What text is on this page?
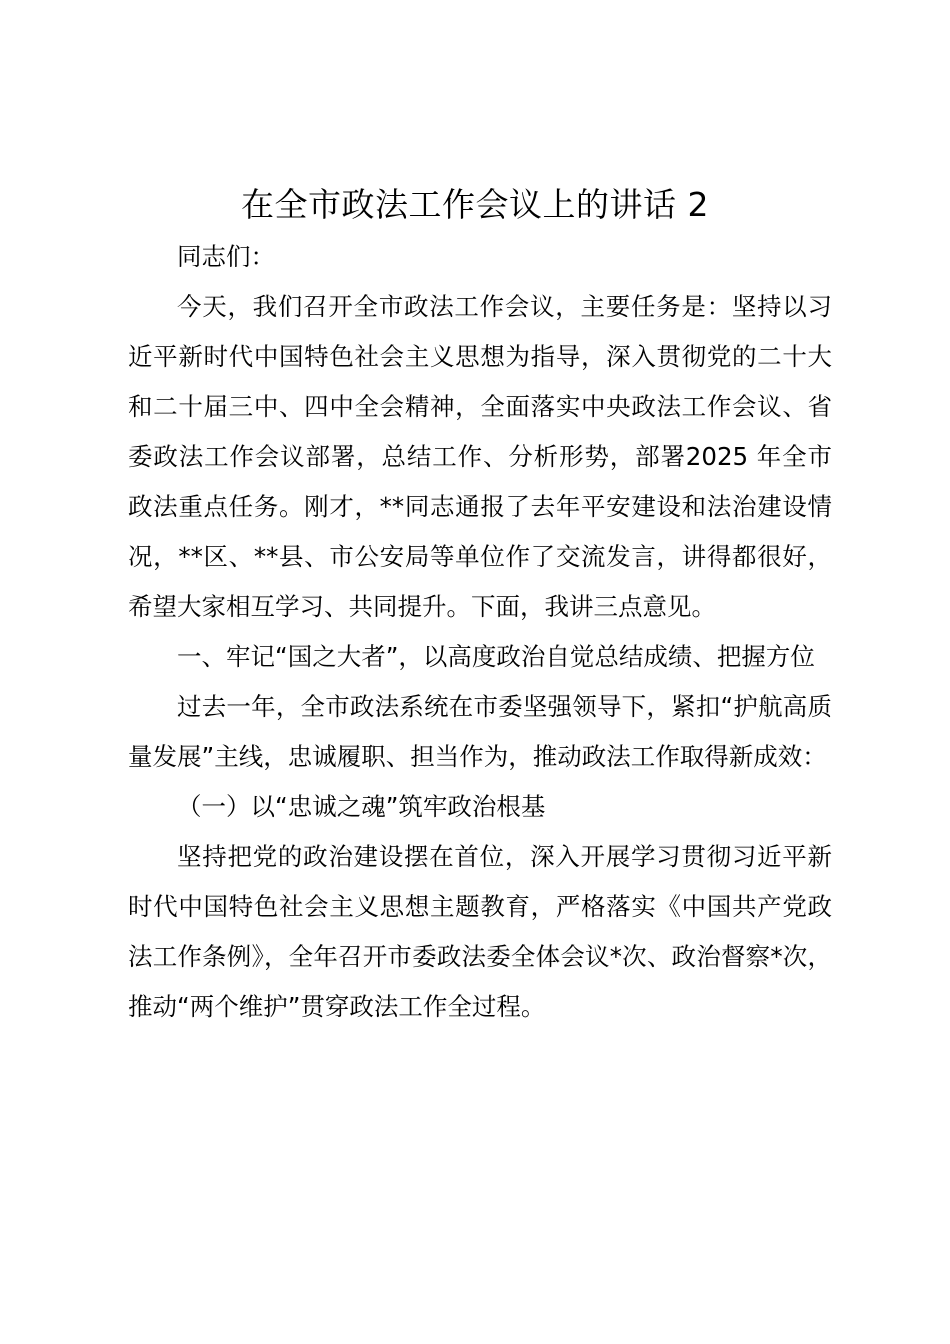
在全市政法工作会议上的讲话 2

同志们：

今天，我们召开全市政法工作会议，主要任务是：坚持以习近平新时代中国特色社会主义思想为指导，深入贯彻党的二十大和二十届三中、四中全会精神，全面落实中央政法工作会议、省委政法工作会议部署，总结工作、分析形势，部署2025 年全市政法重点任务。刚才，**同志通报了去年平安建设和法治建设情况，**区、**县、市公安局等单位作了交流发言，讲得都很好，希望大家相互学习、共同提升。下面，我讲三点意见。

一、牢记“国之大者”，以高度政治自觉总结成绩、把握方位

过去一年，全市政法系统在市委坚强领导下，紧扣“护航高质量发展”主线，忠诚履职、担当作为，推动政法工作取得新成效：

（一）以“忠诚之魂”筑牢政治根基

坚持把党的政治建设摆在首位，深入开展学习贯彻习近平新时代中国特色社会主义思想主题教育，严格落实《中国共产党政法工作条例》，全年召开市委政法委全体会议*次、政治督察*次，推动“两个维护”贯穿政法工作全过程。
